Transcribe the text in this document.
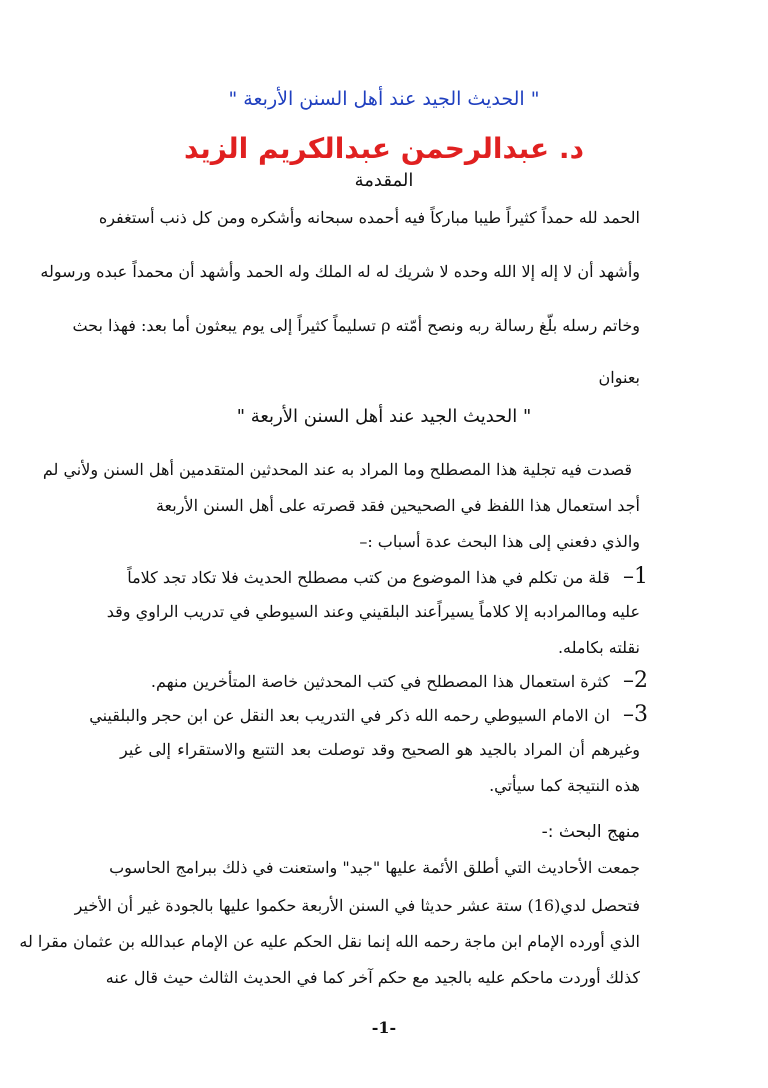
" الحديث الجيد عند أهل السنن الأربعة "
د. عبدالرحمن عبدالكريم الزيد
المقدمة
الحمد لله حمداً كثيراً طيبا مباركاً فيه أحمده سبحانه وأشكره ومن كل ذنب أستغفره
وأشهد أن لا إله إلا الله وحده لا شريك له له الملك وله الحمد وأشهد أن محمداً عبده ورسوله
وخاتم رسله بلّغ رسالة ربه ونصح أمّته ρ تسليماً كثيراً إلى يوم يبعثون أما بعد: فهذا بحث
بعنوان
" الحديث الجيد عند أهل السنن الأربعة "
قصدت فيه تجلية هذا المصطلح وما المراد به عند المحدثين المتقدمين أهل السنن ولأني لم
أجد استعمال هذا اللفظ في الصحيحين فقد قصرته على أهل السنن الأربعة
والذي دفعني إلى هذا البحث عدة أسباب :–
1– قلة من تكلم في هذا الموضوع من كتب مصطلح الحديث فلا تكاد تجد كلاماً
عليه وماالمرادبه إلا كلاماً يسيراًعند البلقيني وعند السيوطي في تدريب الراوي وقد
نقلته بكامله.
2– كثرة استعمال هذا المصطلح في كتب المحدثين خاصة المتأخرين منهم.
3– ان الامام السيوطي رحمه الله ذكر في التدريب بعد النقل عن ابن حجر والبلقيني
وغيرهم أن المراد بالجيد هو الصحيح وقد توصلت بعد التتبع والاستقراء إلى غير
هذه النتيجة كما سيأتي.
منهج البحث :-
جمعت الأحاديث التي أطلق الأئمة عليها "جيد" واستعنت في ذلك ببرامج الحاسوب
فتحصل لدي(16) ستة عشر حديثا في السنن الأربعة حكموا عليها بالجودة غير أن الأخير
الذي أورده الإمام ابن ماجة رحمه الله إنما نقل الحكم عليه عن الإمام عبدالله بن عثمان مقرا له
كذلك أوردت ماحكم عليه بالجيد مع حكم آخر كما في الحديث الثالث حيث قال عنه
-1-
